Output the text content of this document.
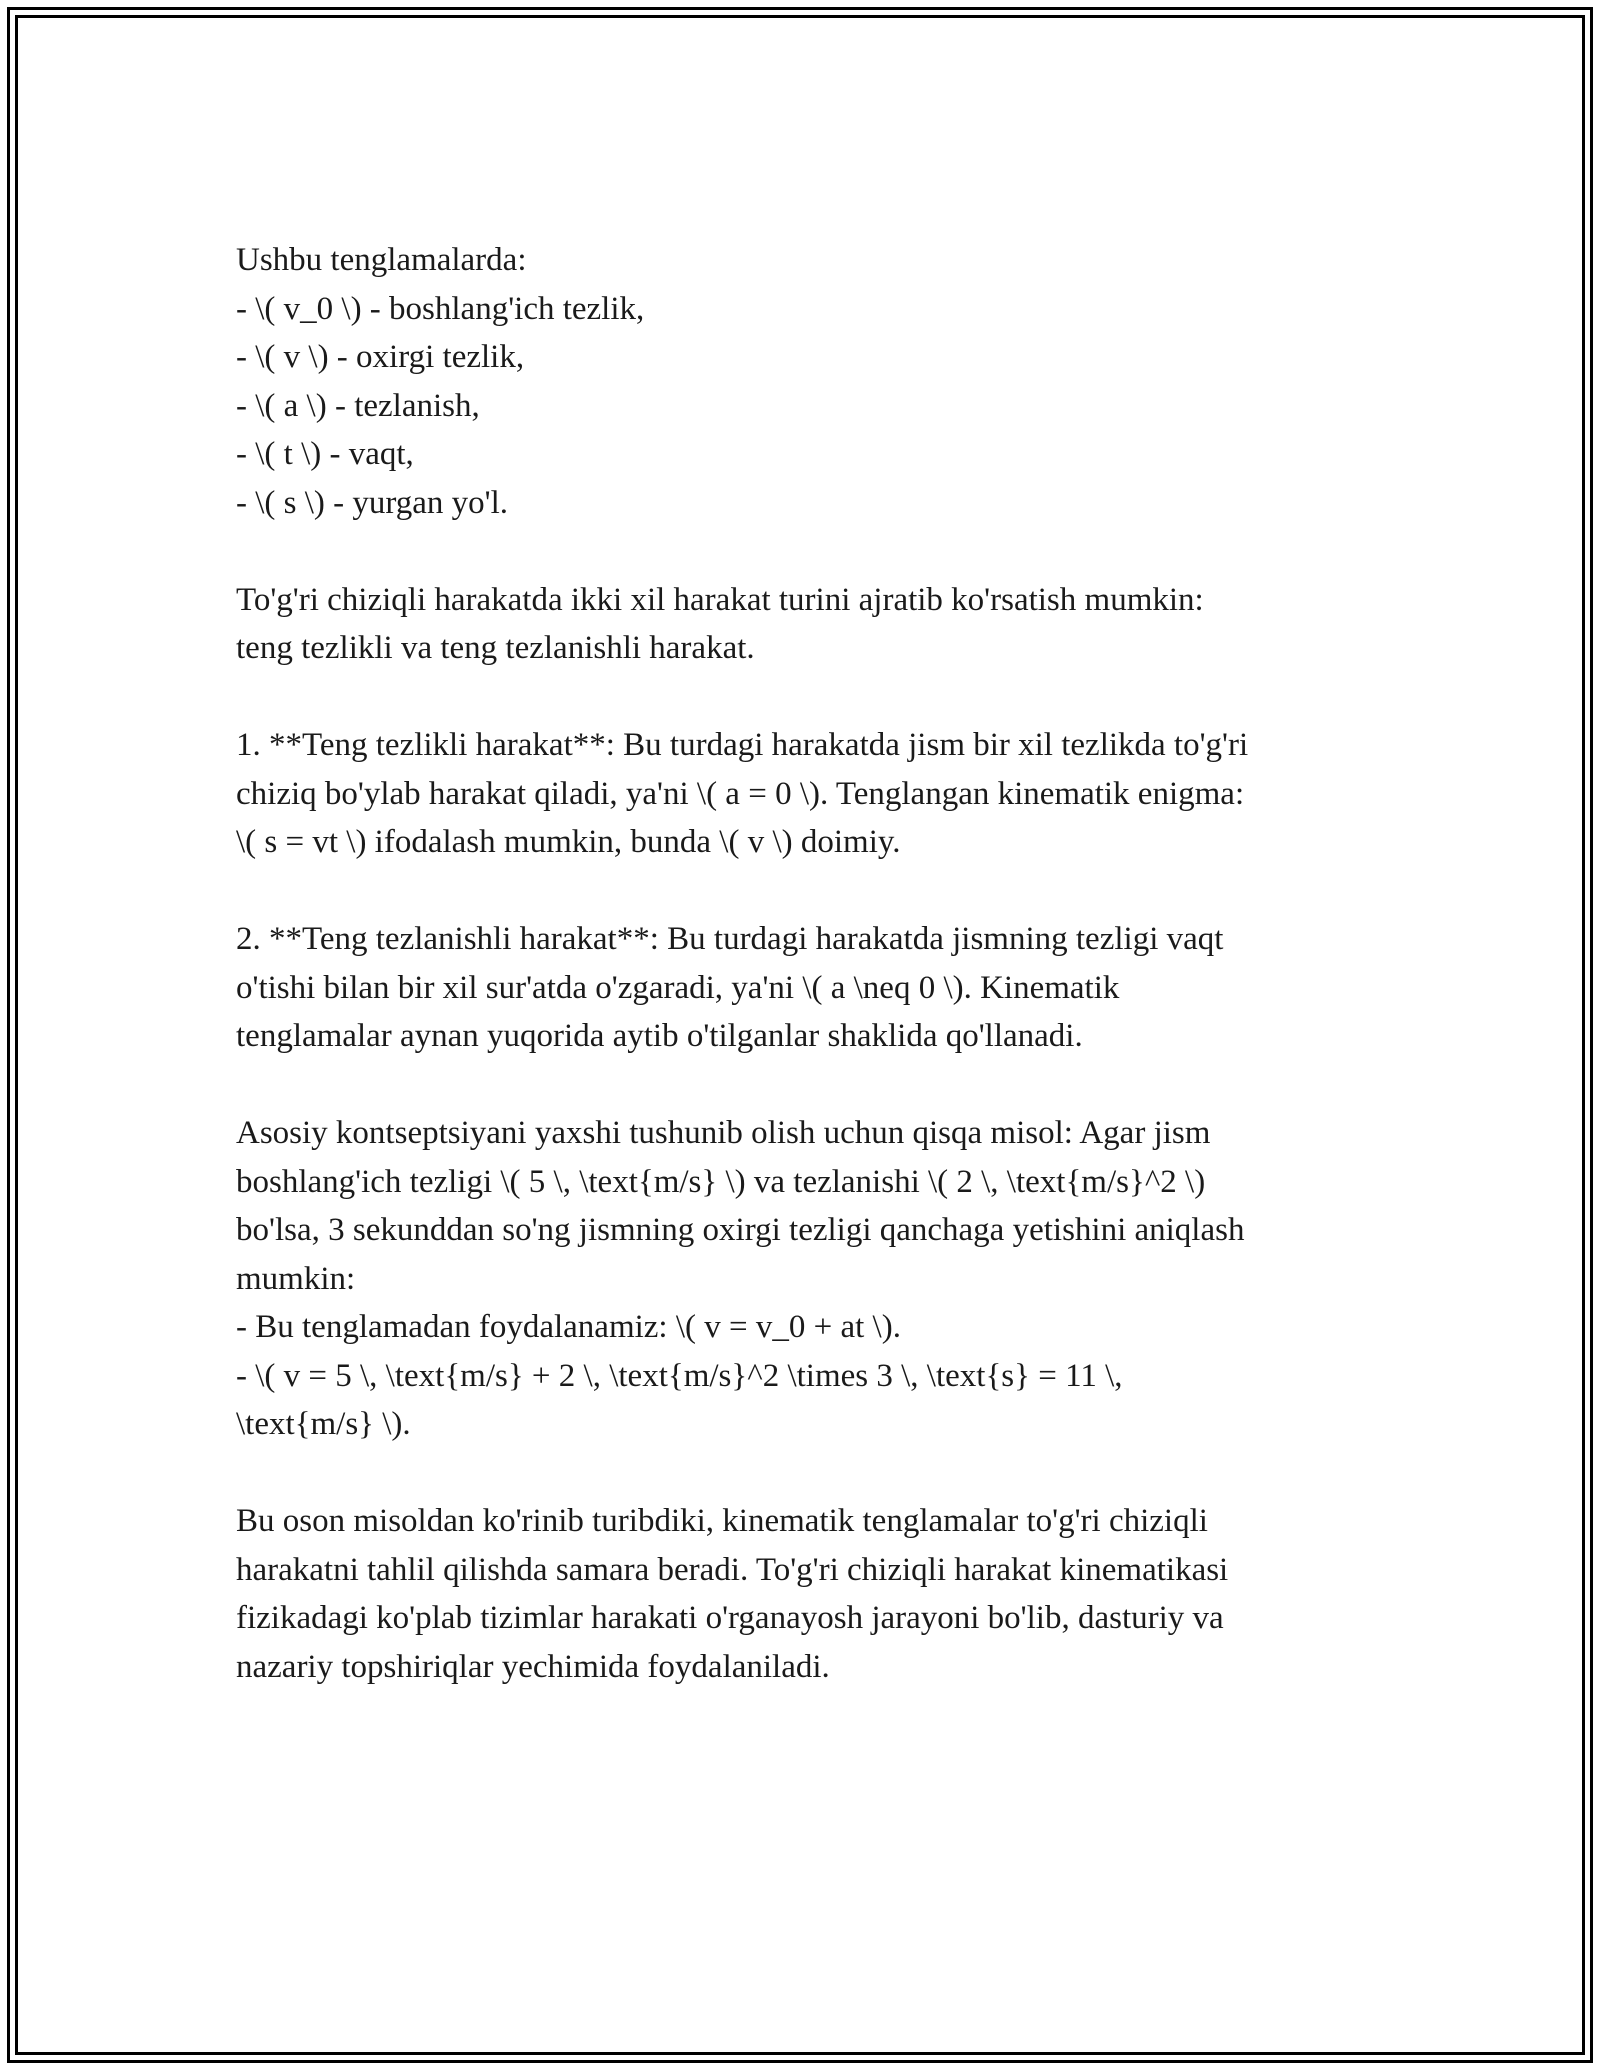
Ushbu tenglamalarda:

- \( v_0 \) - boshlang'ich tezlik,

- \( v \) - oxirgi tezlik,

- \( a \) - tezlanish,

- \( t \) - vaqt,

- \( s \) - yurgan yo'l.

To'g'ri chiziqli harakatda ikki xil harakat turini ajratib ko'rsatish mumkin:

teng tezlikli va teng tezlanishli harakat.

1. **Teng tezlikli harakat**: Bu turdagi harakatda jism bir xil tezlikda to'g'ri

chiziq bo'ylab harakat qiladi, ya'ni \( a = 0 \). Tenglangan kinematik enigma:

\( s = vt \) ifodalash mumkin, bunda \( v \) doimiy.

2. **Teng tezlanishli harakat**: Bu turdagi harakatda jismning tezligi vaqt

o'tishi bilan bir xil sur'atda o'zgaradi, ya'ni \( a \neq 0 \). Kinematik

tenglamalar aynan yuqorida aytib o'tilganlar shaklida qo'llanadi.

Asosiy kontseptsiyani yaxshi tushunib olish uchun qisqa misol: Agar jism

boshlang'ich tezligi \( 5 \, \text{m/s} \) va tezlanishi \( 2 \, \text{m/s}^2 \)

bo'lsa, 3 sekunddan so'ng jismning oxirgi tezligi qanchaga yetishini aniqlash

mumkin:

- Bu tenglamadan foydalanamiz: \( v = v_0 + at \).

- \( v = 5 \, \text{m/s} + 2 \, \text{m/s}^2 \times 3 \, \text{s} = 11 \,

\text{m/s} \).

Bu oson misoldan ko'rinib turibdiki, kinematik tenglamalar to'g'ri chiziqli

harakatni tahlil qilishda samara beradi. To'g'ri chiziqli harakat kinematikasi

fizikadagi ko'plab tizimlar harakati o'rganayosh jarayoni bo'lib, dasturiy va

nazariy topshiriqlar yechimida foydalaniladi.
